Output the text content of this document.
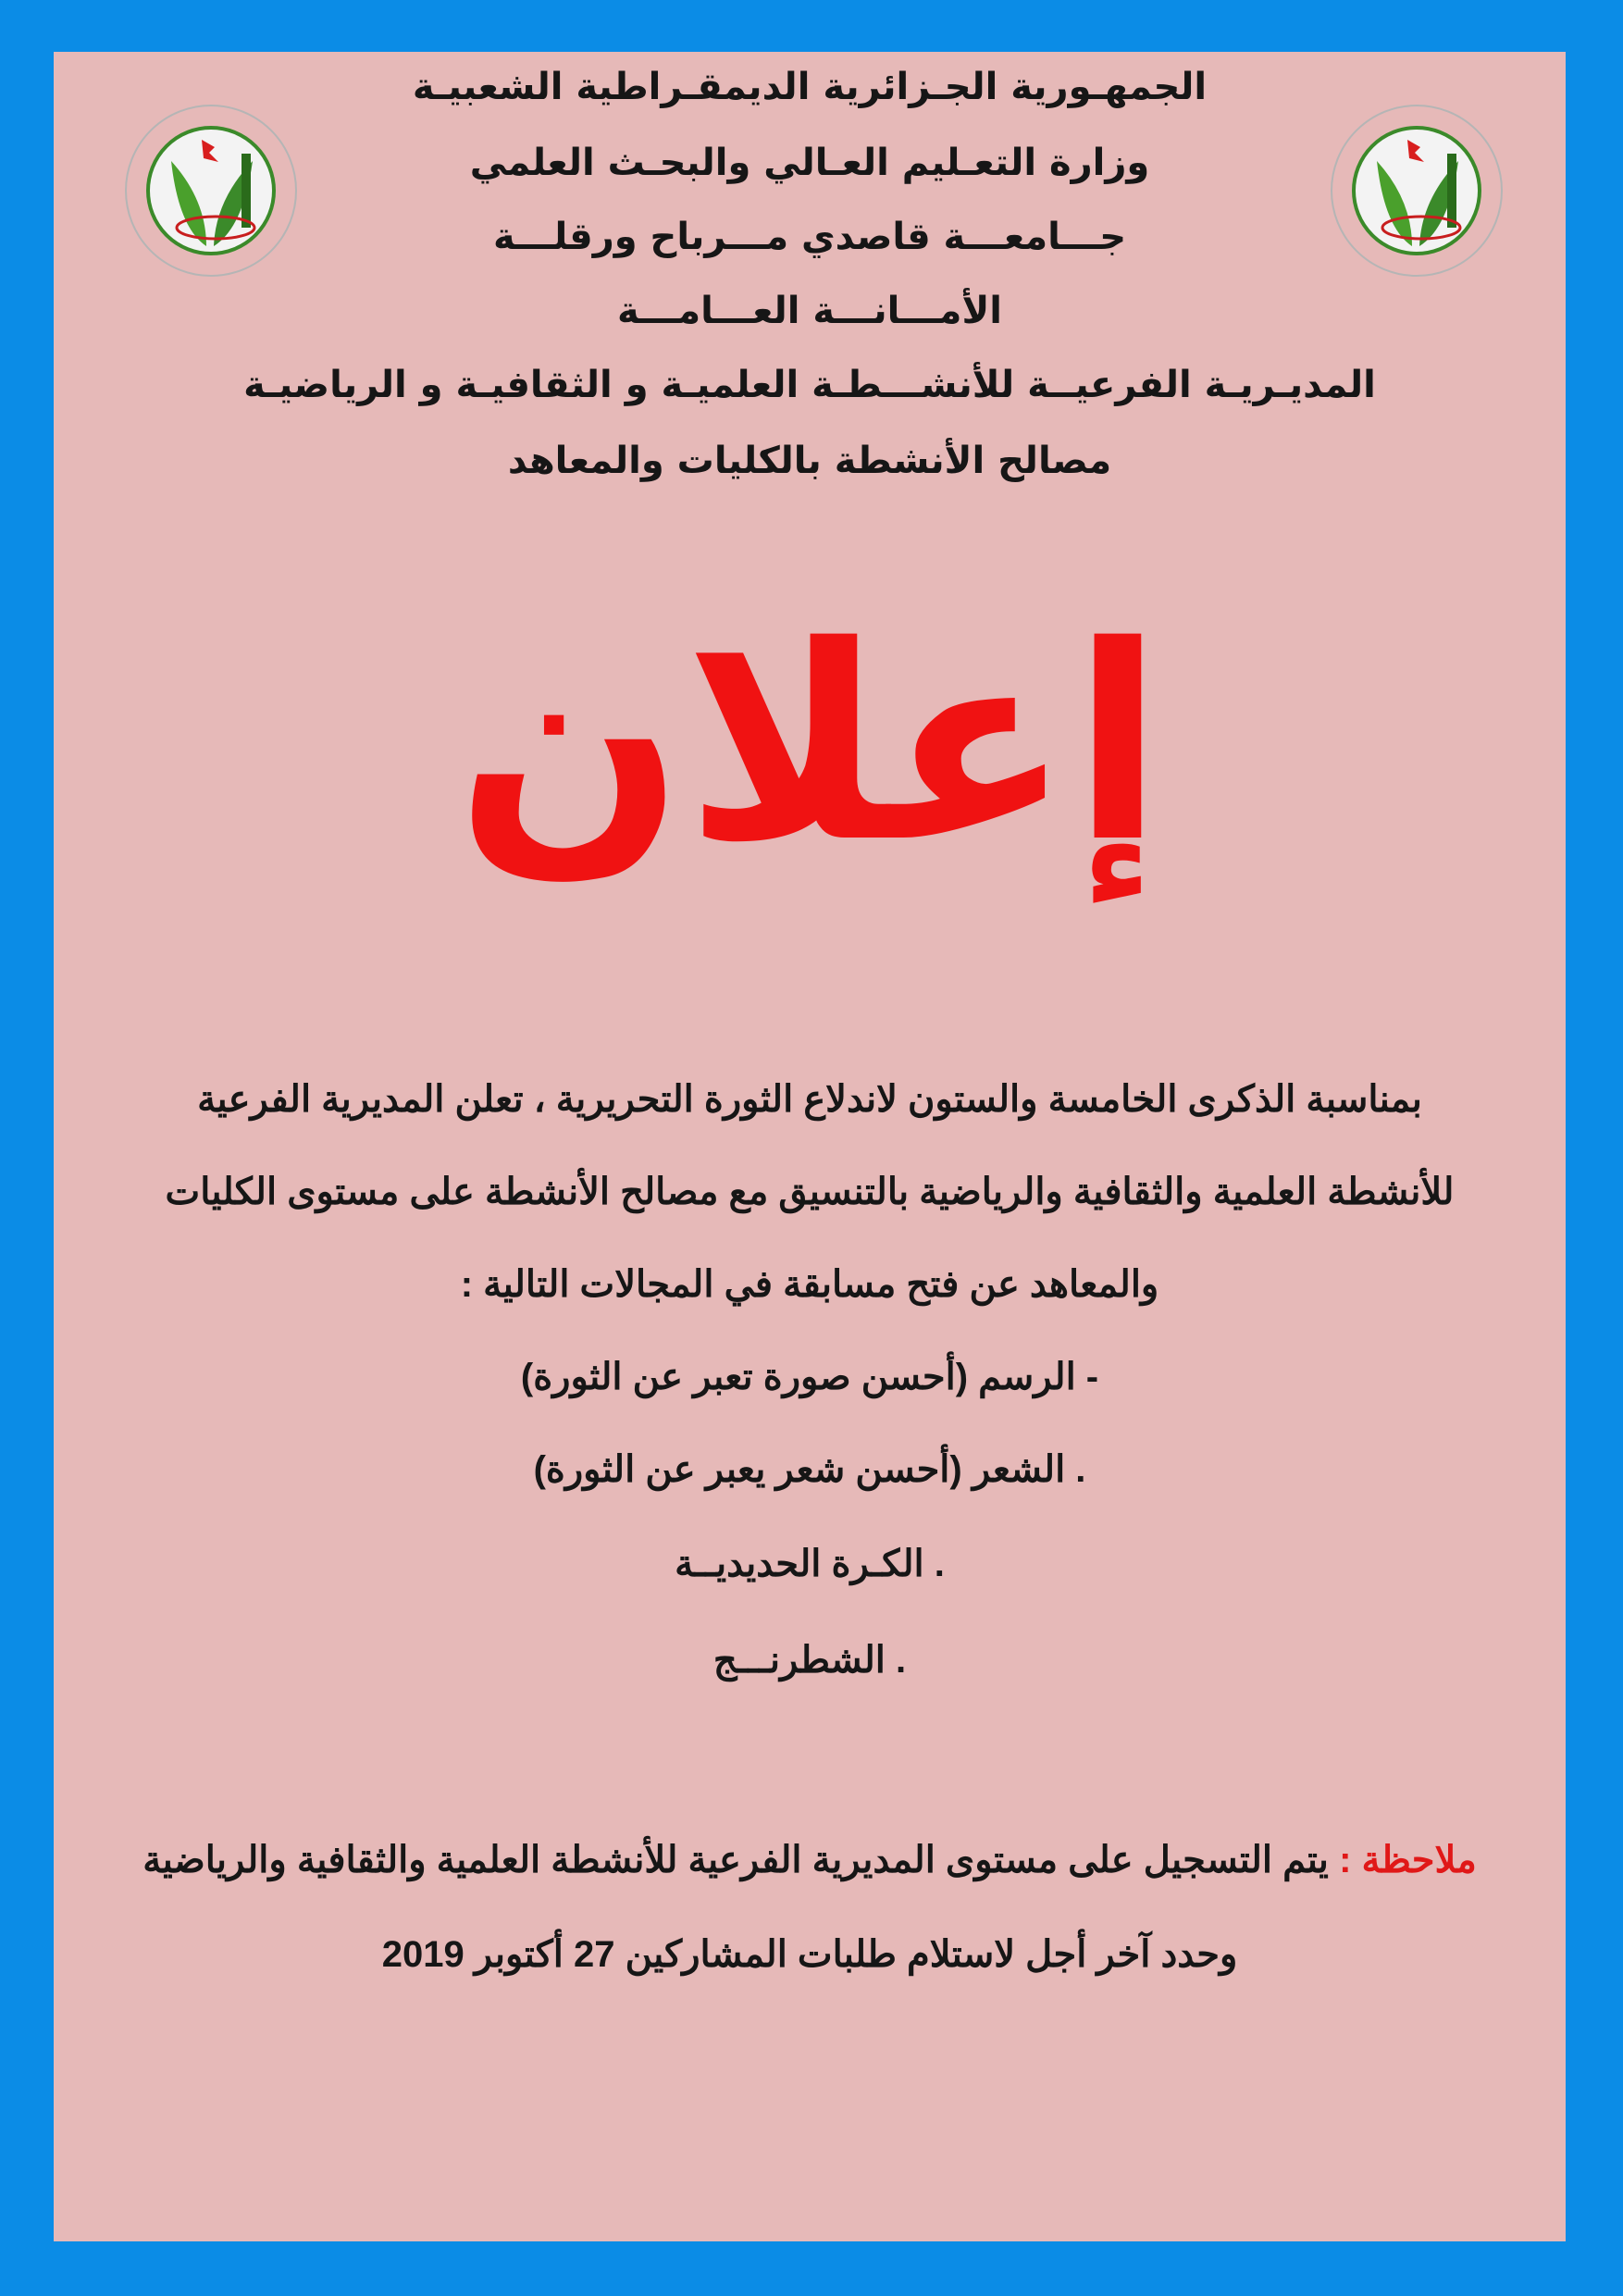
الجمهـورية الجـزائرية الديمقـراطية الشعبيـة
وزارة التعـليم العـالي والبحـث العلمي
جـــامعـــة قاصدي مـــرباح ورقلـــة
الأمـــانـــة العـــامـــة
المديـريـة الفرعيــة للأنشـــطـة العلميـة و الثقافيـة و الرياضيـة
مصالح الأنشطة بالكليات والمعاهد
إعلان
بمناسبة الذكرى الخامسة والستون لاندلاع الثورة التحريرية ، تعلن المديرية الفرعية
للأنشطة العلمية والثقافية والرياضية بالتنسيق مع مصالح الأنشطة على مستوى الكليات
والمعاهد عن فتح مسابقة في المجالات التالية :
- الرسم (أحسن صورة تعبر عن الثورة)
. الشعر (أحسن شعر يعبر عن الثورة)
. الكـرة الحديديــة
. الشطرنـــج
ملاحظة : يتم التسجيل على مستوى المديرية الفرعية للأنشطة العلمية والثقافية والرياضية
وحدد آخر أجل لاستلام طلبات المشاركين 27 أكتوبر 2019
